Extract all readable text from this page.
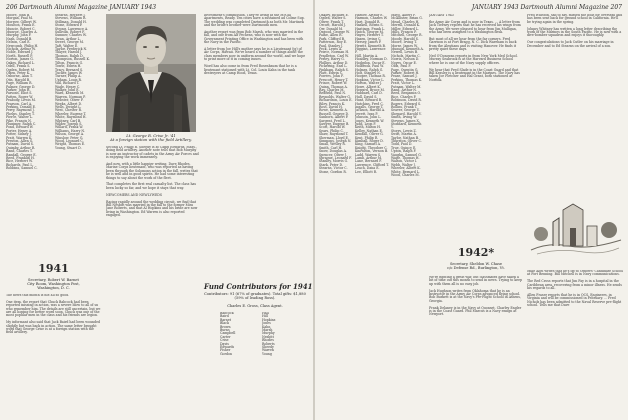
206 Dartmouth Alumni Magazine JANUARY 1943
Moore, John B.
Morgan, Paul M.
Morrow, Gilbert W.
Moulton, Frank E.
Muncie, Robert C.
Munroe, Charles A.
Murphy, John F.
Nash, Donald B.
Nelson, Carl E.
Newcomb, Philip H.
Nichols, Arthur W.
Noble, Edward J.
North, Russell P.
Norton, James G.
Oakes, Richard L.
Odell, Frank S.
Ogden, Robert M.
Olsen, Peter K.
Osborne, Alan T.
Otis, Harold B.
Page, William R.
Palmer, George D.
Parker, John H.
Parsons, Eliot S.
Patten, Roger W.
Peabody, Lewis M.
Pearson, Carl A.
Perkins, Donald E.
Perry, Raymond J.
Phelps, Stanley T.
Pierce, Walter L.
Pike, Francis N.
Plummer, Ralph C.
Pond, Edward W.
Porter, Henry A.
Potter, Sidney J.
Pratt, Warren K.
Preston, Allen G.
Putnam, David S.
Quimby, Arthur R.
Rand, Charles T.
Randall, George E.
Reed, Franklin H.
Rice, Herbert W.
Richards, Paul L.
Robbins, Samuel C.
Stearns, Herbert J.
Stevens, William R.
Stillman, Donald H.
Stone, Edward P.
Strong, Lawrence A.
Sullivan, Robert F.
Sumner, Charles W.
Swan, Arthur L.
Sweet, George M.
Taft, Walter E.
Taylor, Frederick N.
Thayer, Harold J.
Thomas, Ralph D.
Thompson, Russell K.
Tilton, Francis G.
Towle, Edwin H.
Tracy, Bernard S.
Tucker, James W.
Turner, Philip A.
Upham, Louis R.
Vail, Richard T.
Wade, Henry C.
Walker, John E.
Ward, Kenneth M.
Warren, Norman P.
Webster, Oliver F.
Weeks, Albert D.
Wells, Dwight L.
West, Chester R.
Wheeler, Eugene T.
White, Raymond H.
Whitney, Carl B.
Wilder, Joseph S.
Willard, Frank W.
Williams, Harry N.
Wilson, George A.
Winslow, Peter G.
Wood, Leonard C.
Wright, Thomas E.
Young, Stuart D.
Lt. George R. Crise Jr. '41
At a foreign station with the field Artillery.
Second Lt. Philip R. Sheedy is at Camp Edwards, Mass., doing field artillery. Another note tells that Bob Murphy is now an instructor of cadets in the Army Air Forces and is enjoying the work immensely.

And now, with a little happier writing, Dave Rhodes, Marine Corps lieutenant, who was reported as having been through the Solomons action in the fall, writes that he is well and in good spirits. He had some interesting things to say about the work of the fleet.

That completes the first real casualty list. The class has been lucky so far, and we hope it stays that way.

NEWCOMERS AND NEWLYWEDS

Racing rapidly around the wedding circuit, we find that Bill Nesbitt was married in the fall to the former Miss Jane Roberts, and that Al Hopkins and his bride are now living in Washington. Ed Warren is also reported engaged.
Investment's commission. They're living at the McGill Apartments, Ready. Ten cities have a sustained ad Colme Sup. The wedding was completed Dartmouth as both Mr. Martinek and the bride's brother were Dartmouth men.

Another report was from Bob Marsh, who was married in the fall, and one from Alf Pechens, who is now with the Government Printing Office in Washington and has been with the Navy in the Pacific.

A letter from Joe Hill's mother says he is a Lieutenant (jg) of Air Corps, Hawaii. We've heard a number of things about the class members now in uniform around the world, and we hope to print more of it in coming issues.

Word has also come in from Fred Rosenbaum that he is a lieutenant stationed with Lt. Col. Louis Kahn in the tank destroyers at Camp Hood, Texas.
1941
Secretary, Robert W. Barnet
City Room, Washington Post,
Washington, D. C.
The news this month is not all so good.

One item, the report that Chuck Babcock had been reported missing in action, was a severe blow to all of us who remember him. The details are still uncertain, but we are all hoping for better word soon. Chuck was one of the most popular men in the class and his friends are legion.

My informant also said that Jack Baird had been wounded slightly but was back in action. The same letter brought word that George Crise is at a foreign station with the field artillery.
Fund Contributors for 1941
Contributors: 91 (67% of graduates). Total gifts: $1,880 (59% of leading Ross).
Charles E. Gross, Class Agent.
Babcock
Baird
Barnet
Black
Brown
Burns
Campbell
Carter
Crise
Davis
Edwards
Fisher
Gordon
Hall
Hill
Hopkins
Jones
Kahn
Marsh
Murphy
Nesbitt
Rhodes
Roberts
Sheedy
Warren
Young
JANUARY 1943 Dartmouth Alumni Magazine 207
Oakley, Richard E.
Ogden, Walter S.
Oliver, Frank T.
Orcutt, Harold J.
Orr, Donald M.
Osgood, George W.
Paine, Allen R.
Park, Clifford B.
Patterson, Roy E.
Paul, Stanley J.
Peck, Lewis A.
Peirce, Norman H.
Pendleton, Carl W.
Perley, Harry G.
Phillips, Arthur D.
Pickering, Earl L.
Pinkham, Ralph S.
Platt, Edwin C.
Powers, John F.
Prescott, Henry T.
Prince, Robert W.
Quinn, Thomas A.
Ray, Charles M.
Redfield, Paul N.
Reynolds, Walter G.
Richardson, Louis E.
Riley, Francis K.
Ross, David H.
Rowe, Kenneth A.
Russell, George D.
Sanborn, Albert P.
Sargent, Fred L.
Sawyer, Eugene B.
Scott, Harold W.
Sears, Philip C.
Shaw, Raymond T.
Sherman, Lloyd E.
Simmons, Joseph N.
Small, Wesley R.
Smith, Carl H.
Snow, Douglas A.
Spencer, Oliver J.
Sprague, Leonard F.
Stanley, Morris G.
Stark, Peter D.
Stearns, Victor C.
Stone, Gordon R.
Harlow, Arthur E.
Harmon, Charles W.
Hart, Donald R.
Haskell, Edwin S.
Hastings, Frank L.
Hatch, George M.
Hayes, Herbert T.
Hazen, Irving C.
Hersey, James P.
Hewitt, Kenneth B.
Higgins, Lawrence F.
Hill, Martin A.
Hoadley, Norman D.
Hodgdon, Oscar E.
Holbrook, Paul W.
Holmes, Ralph G.
Holt, Stanley N.
Hooper, Thomas R.
Hopkins, Victor L.
Horton, Walter J.
Howe, Albert K.
Howard, Bruce M.
Hubbard, Carl D.
Hull, David S.
Hunt, Edward R.
Hutchins, Fred C.
Ingalls, George T.
Jackson, Harold A.
Jewett, Ivan P.
Johnson, John L.
Jones, Kenneth W.
Judd, Leon F.
Keith, Milton H.
Kelley, Nathan E.
Kendall, Oliver G.
Kent, Philip R.
Kimball, Roger D.
King, Samuel A.
Knight, Theodore C.
Knowlton, Vernon B.
Ladd, Warren S.
Lamb, Arthur M.
Lane, Bernard F.
Lawrence, Clifford T.
Leach, Dana E.
Lee, Elliott R.
Mayo, Albert F.
McAllister, Brian G.
Mead, Charles H.
Merrill, Donald K.
Miller, Edward L.
Mills, Francis P.
Mitchell, George R.
Moody, Harold S.
Moore, Irving T.
Morse, James W.
Munson, Kenneth A.
Newell, Lewis B.
Nichols, Martin C.
Norris, Nelson D.
Noyes, Oscar E.
Olds, Paul F.
Page, Quentin G.
Parker, Robert H.
Pease, Samuel J.
Perkins, Thomas K.
Pratt, Victor L.
Putnam, Walter M.
Rand, Arthur N.
Reed, Benjamin O.
Rice, Charles P.
Robinson, David R.
Rogers, Edward S.
Rollins, Frank T.
Seaver, George U.
Shepard, Harold V.
Smith, Irving W.
Stevens, James X.
Stoddard, Kenneth Y.
Storrs, Lewis Z.
Swift, Martin A.
Taylor, Nathan B.
Thurston, Oliver C.
Todd, Paul D.
True, Quincy E.
Upton, Ralph F.
Vaughn, Samuel G.
Waite, Thomas H.
Walton, Victor I.
Webb, Walter J.
Wheeler, Albert K.
White, Bernard L.
Wood, Charles M.
JANUARY 1943

the Army Air Corps and is now in Texas. ... A letter from Jack Tierney reports that he has received his wings from the Army. We were pleased to hear from Jim Mulligan, who has been assigned to a Washington desk.

But most of all we hear from the far corners. Fred Garrison is at Fort Bragg, N. C. Dick Wareham is back from the Aleutians and is visiting Hanover. He finds it pretty quiet these days.

Ned O'Donovan reports in from New York Med School. Murray Seabrook is at the Harvard Business School where he is one of the Navy supply officers.

We hear that Fred Slade is in the Coast Guard and that Bill Kessler is a lieutenant in the Marines. The Navy has taken Joe Fletcher and Hal Grant, both stationed at Norfolk.
1942*
Secretary, Sheldon W. Chase
c/o Defense Rd., Burlington, Vt.
We're fighting a great war, but classmates have taken a bit of time out this month to send in news. Trying to keep up with them all is no easy job.

Jack Hughson writes from Oklahoma that he is an instructor in the Army Air Corps advanced flying school. Bob Burkett is at the Navy's Pre-Flight School in Athens, Georgia.

Frank Delaney is in the Navy at Quonset. Charley Engler is in the Coast Guard. Phil Marcus is a Navy ensign at Newport.
Fred Whiston, sad to say, missed the boat for overseas and has been sent back for ground school in California. He'll be trying again in the spring.

Johnny Whitney has written a long letter describing the work of the Marines in the South Pacific. He is now with a dive-bomber squadron and enjoys it thoroughly.

Our congratulations to Jack Cutler on his marriage in December and to Ed Stearns on the arrival of a son.
Mike Abel writes that he's off to Officers' Candidate School at Fort Benning. Bill Mitchell is in Navy communications.

The Red Cross reports that Jim Fay is in a hospital in the Caribbean area, recovering from a minor illness. He sends his regards to all.

Allen Fraser reports that he is in OCS, Engineers, in Virginia and will be commissioned in February. ... Fred Nichols has been admitted to the Naval Reserve pre-flight school. Tells me that Dave
